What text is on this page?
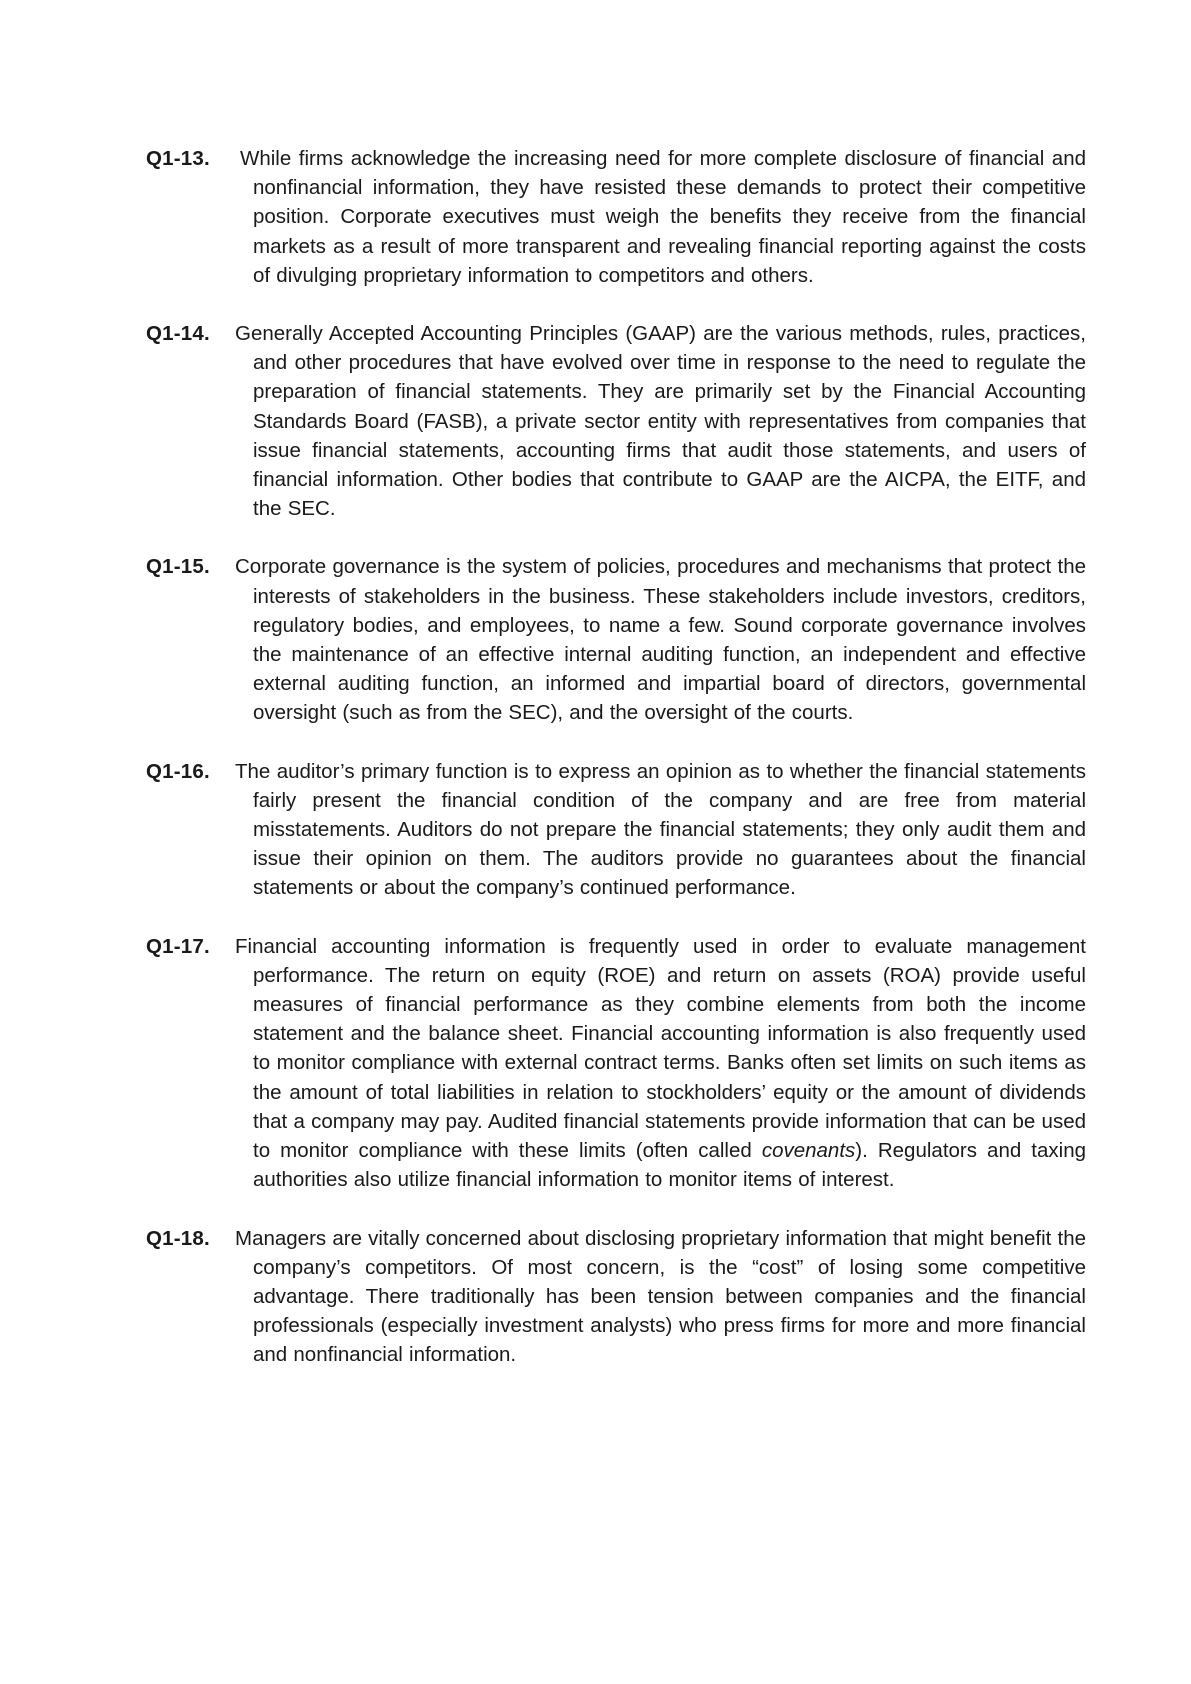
Q1-13.	While firms acknowledge the increasing need for more complete disclosure of financial and nonfinancial information, they have resisted these demands to protect their competitive position. Corporate executives must weigh the benefits they receive from the financial markets as a result of more transparent and revealing financial reporting against the costs of divulging proprietary information to competitors and others.

Q1-14.	Generally Accepted Accounting Principles (GAAP) are the various methods, rules, practices, and other procedures that have evolved over time in response to the need to regulate the preparation of financial statements. They are primarily set by the Financial Accounting Standards Board (FASB), a private sector entity with representatives from companies that issue financial statements, accounting firms that audit those statements, and users of financial information. Other bodies that contribute to GAAP are the AICPA, the EITF, and the SEC.

Q1-15.	Corporate governance is the system of policies, procedures and mechanisms that protect the interests of stakeholders in the business. These stakeholders include investors, creditors, regulatory bodies, and employees, to name a few. Sound corporate governance involves the maintenance of an effective internal auditing function, an independent and effective external auditing function, an informed and impartial board of directors, governmental oversight (such as from the SEC), and the oversight of the courts.

Q1-16.	The auditor’s primary function is to express an opinion as to whether the financial statements fairly present the financial condition of the company and are free from material misstatements. Auditors do not prepare the financial statements; they only audit them and issue their opinion on them. The auditors provide no guarantees about the financial statements or about the company’s continued performance.

Q1-17.	Financial accounting information is frequently used in order to evaluate management performance. The return on equity (ROE) and return on assets (ROA) provide useful measures of financial performance as they combine elements from both the income statement and the balance sheet. Financial accounting information is also frequently used to monitor compliance with external contract terms. Banks often set limits on such items as the amount of total liabilities in relation to stockholders’ equity or the amount of dividends that a company may pay. Audited financial statements provide information that can be used to monitor compliance with these limits (often called covenants). Regulators and taxing authorities also utilize financial information to monitor items of interest.

Q1-18.	Managers are vitally concerned about disclosing proprietary information that might benefit the company’s competitors. Of most concern, is the “cost” of losing some competitive advantage. There traditionally has been tension between companies and the financial professionals (especially investment analysts) who press firms for more and more financial and nonfinancial information.
